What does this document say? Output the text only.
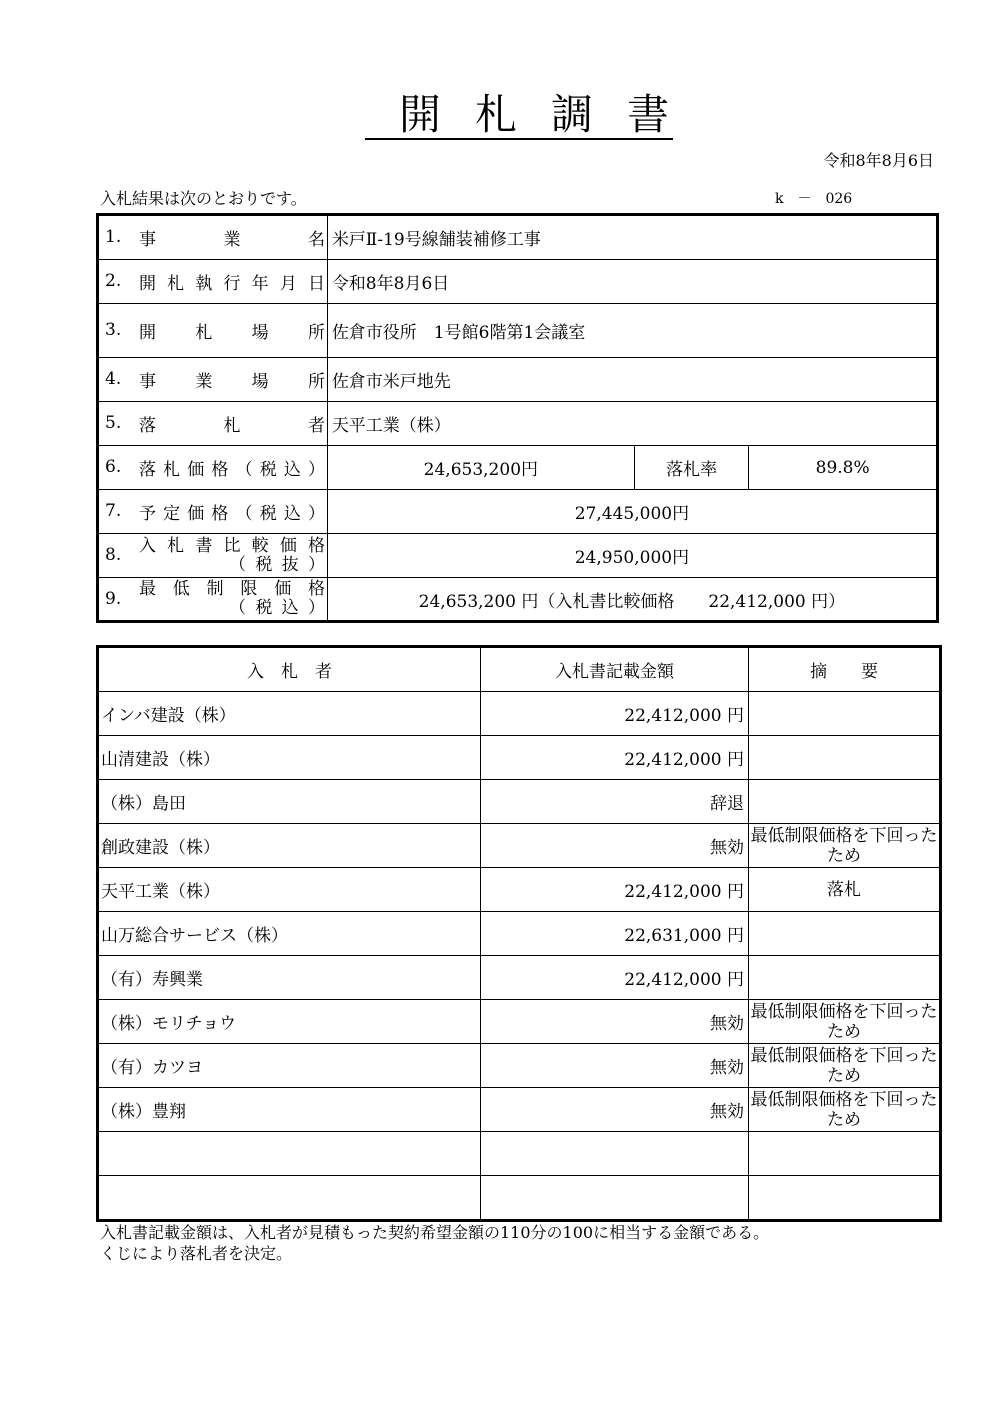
開札調書
令和8年8月6日
入札結果は次のとおりです。	k　－　026
1. 事業名	米戸Ⅱ-19号線舗装補修工事		
2. 開札執行年月日	令和8年8月6日		
3. 開札場所	佐倉市役所　1号館6階第1会議室		
4. 事業場所	佐倉市米戸地先		
5. 落札者	天平工業（株）		
6. 落札価格（税込）	24,653,200円	落札率	89.8%
7. 予定価格（税込）	27,445,000円		
8. 入札書比較価格
（税抜）	24,950,000円		
9. 最低制限価格
（税込）	24,653,200 円（入札書比較価格　　22,412,000 円）		
入　札　者	入札書記載金額	摘　　要
インバ建設（株）	22,412,000 円	
山清建設（株）	22,412,000 円	
（株）島田	辞退	
創政建設（株）	無効	最低制限価格を下回ったため
天平工業（株）	22,412,000 円	落札
山万総合サービス（株）	22,631,000 円	
（有）寿興業	22,412,000 円	
（株）モリチョウ	無効	最低制限価格を下回ったため
（有）カツヨ	無効	最低制限価格を下回ったため
（株）豊翔	無効	最低制限価格を下回ったため

入札書記載金額は、入札者が見積もった契約希望金額の110分の100に相当する金額である。
くじにより落札者を決定。
